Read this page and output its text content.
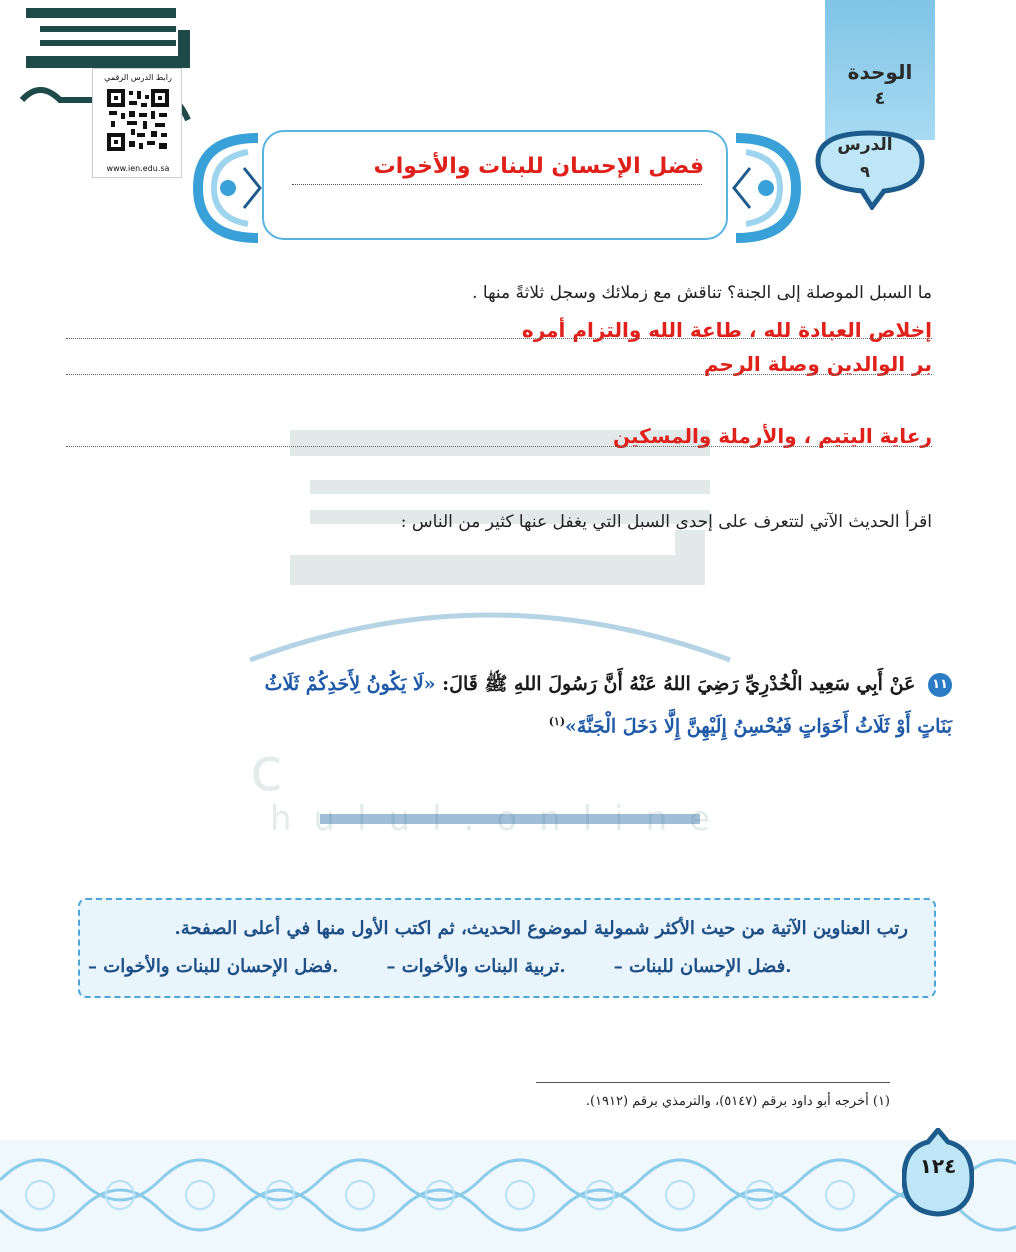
c
hulul.online
رابط الدرس الرقمي
www.ien.edu.sa
الوحدة
٤
الدرس
٩
فضل الإحسان للبنات والأخوات
ما السبل الموصلة إلى الجنة؟ تناقش مع زملائك وسجل ثلاثةً منها .
إخلاص العبادة لله ، طاعة الله والتزام أمره
بر الوالدين وصلة الرحم
رعاية اليتيم ، والأرملة والمسكين
اقرأ الحديث الآتي لتتعرف على إحدى السبل التي يغفل عنها كثير من الناس :
١١ عَنْ أَبِي سَعِيد الْخُدْرِيِّ رَضِيَ اللهُ عَنْهُ أَنَّ رَسُولَ اللهِ ﷺ قَالَ: «لَا يَكُونُ لِأَحَدِكُمْ ثَلَاثُ بَنَاتٍ أَوْ ثَلَاثُ أَخَوَاتٍ فَيُحْسِنُ إِلَيْهِنَّ إِلَّا دَخَلَ الْجَنَّةَ»$^{(١)}$
رتب العناوين الآتية من حيث الأكثر شمولية لموضوع الحديث، ثم اكتب الأول منها في أعلى الصفحة.
– فضل الإحسان للبنات.
– تربية البنات والأخوات.
– فضل الإحسان للبنات والأخوات.
(١) أخرجه أبو داود برقم (٥١٤٧)، والترمذي برقم (١٩١٢).
١٢٤
